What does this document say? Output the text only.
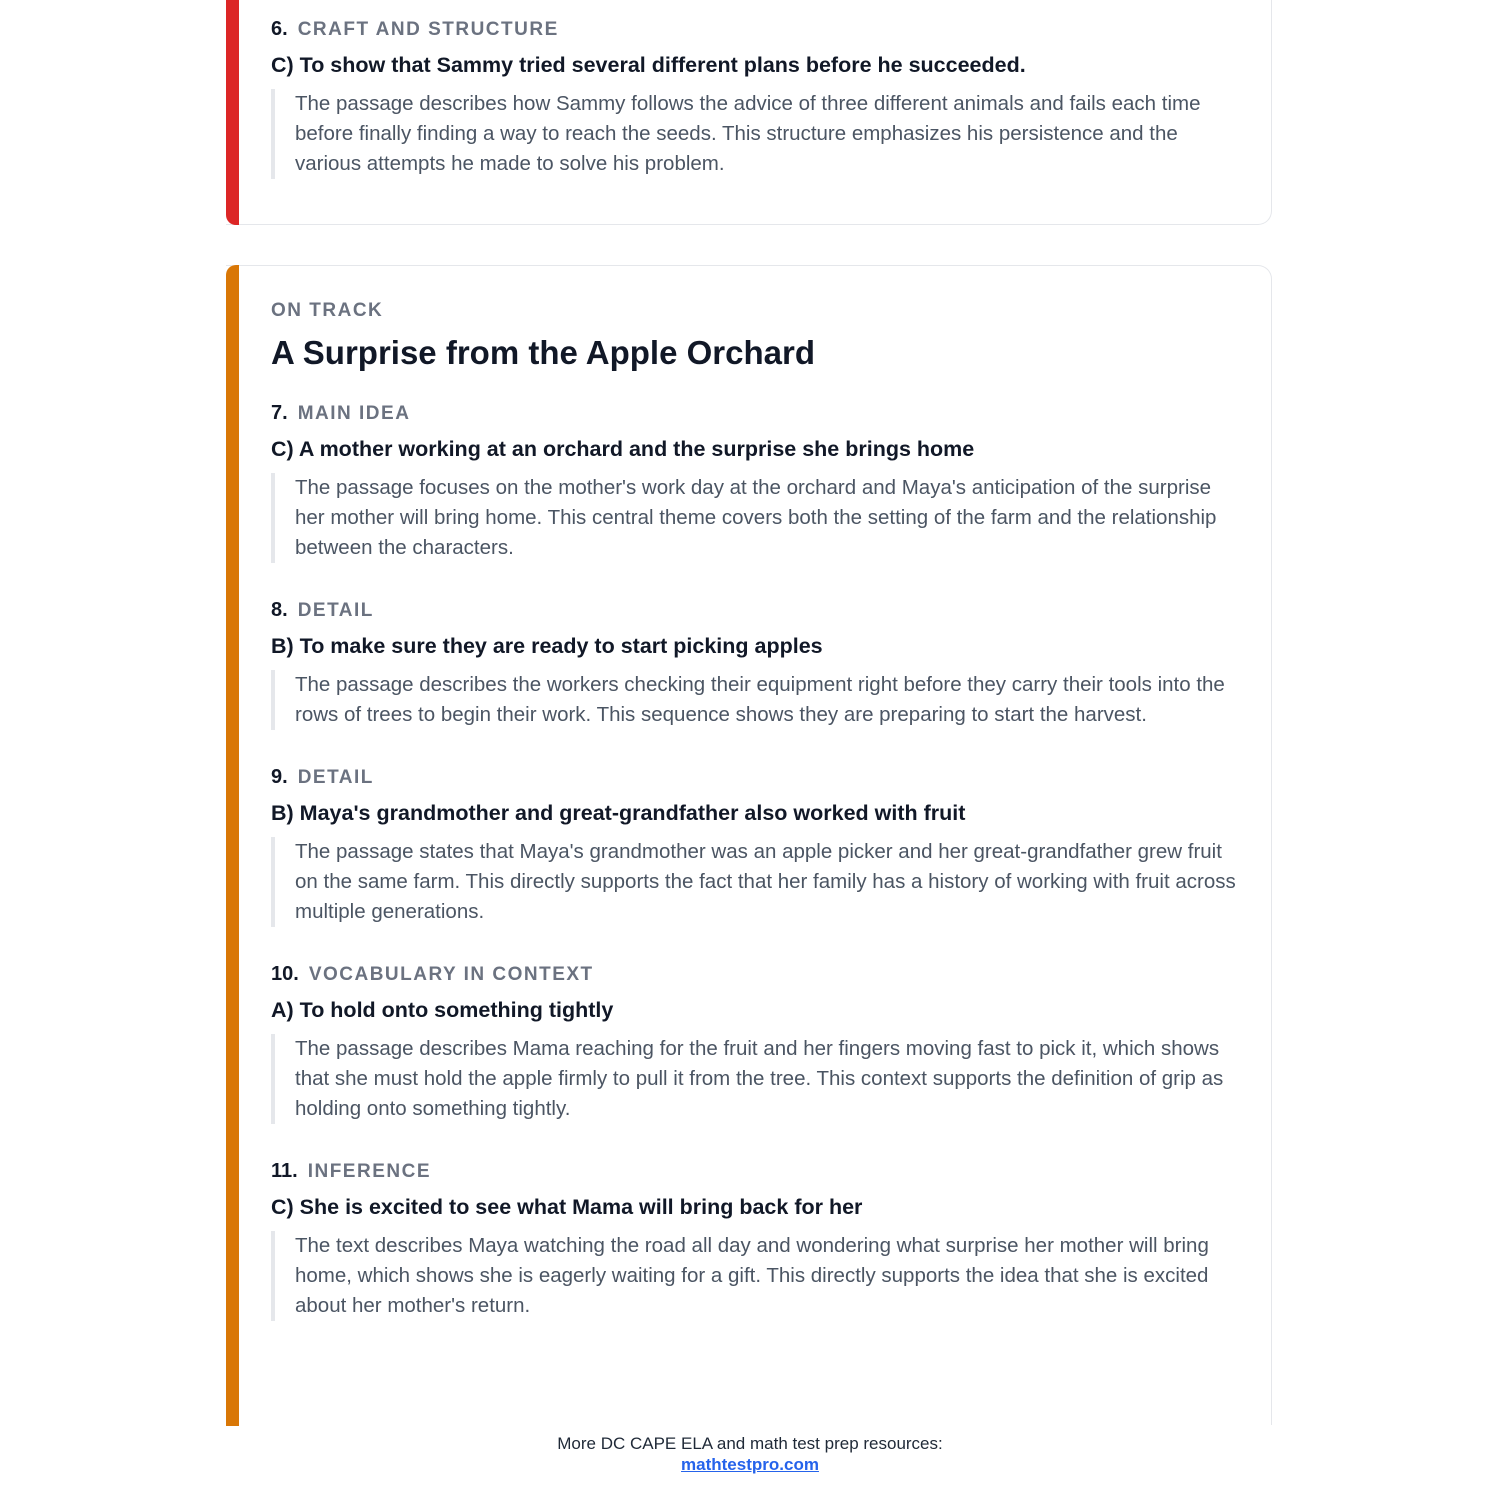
6. CRAFT AND STRUCTURE
C) To show that Sammy tried several different plans before he succeeded.
The passage describes how Sammy follows the advice of three different animals and fails each time before finally finding a way to reach the seeds. This structure emphasizes his persistence and the various attempts he made to solve his problem.
ON TRACK
A Surprise from the Apple Orchard
7. MAIN IDEA
C) A mother working at an orchard and the surprise she brings home
The passage focuses on the mother's work day at the orchard and Maya's anticipation of the surprise her mother will bring home. This central theme covers both the setting of the farm and the relationship between the characters.
8. DETAIL
B) To make sure they are ready to start picking apples
The passage describes the workers checking their equipment right before they carry their tools into the rows of trees to begin their work. This sequence shows they are preparing to start the harvest.
9. DETAIL
B) Maya's grandmother and great-grandfather also worked with fruit
The passage states that Maya's grandmother was an apple picker and her great-grandfather grew fruit on the same farm. This directly supports the fact that her family has a history of working with fruit across multiple generations.
10. VOCABULARY IN CONTEXT
A) To hold onto something tightly
The passage describes Mama reaching for the fruit and her fingers moving fast to pick it, which shows that she must hold the apple firmly to pull it from the tree. This context supports the definition of grip as holding onto something tightly.
11. INFERENCE
C) She is excited to see what Mama will bring back for her
The text describes Maya watching the road all day and wondering what surprise her mother will bring home, which shows she is eagerly waiting for a gift. This directly supports the idea that she is excited about her mother's return.
More DC CAPE ELA and math test prep resources:
mathtestpro.com
